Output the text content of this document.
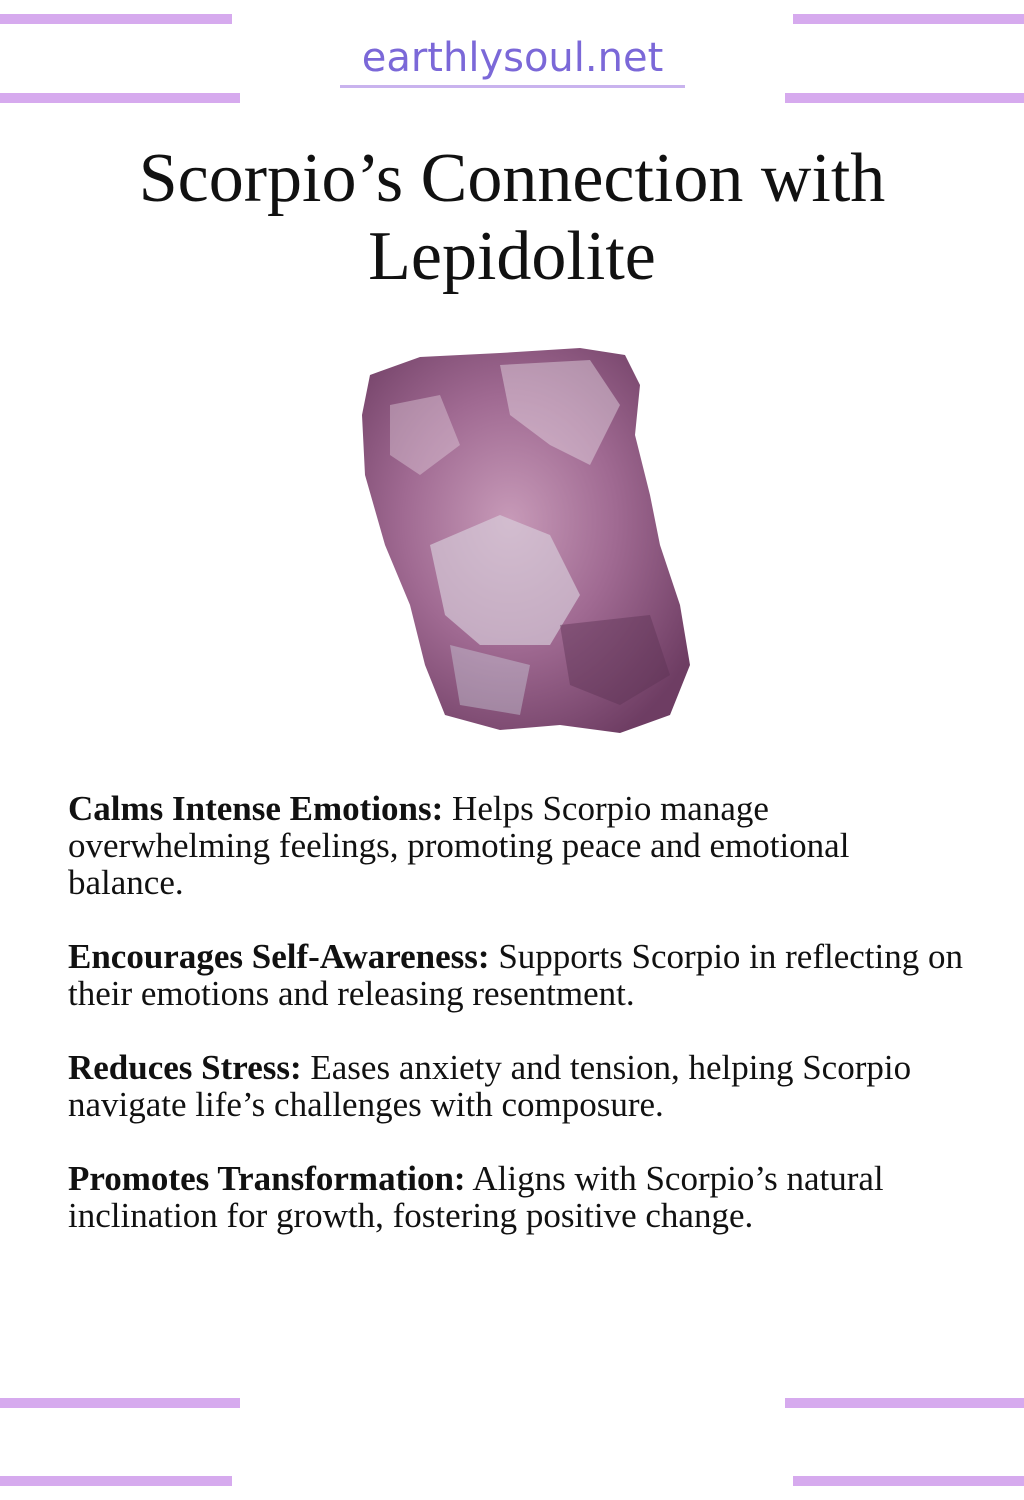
earthlysoul.net
Scorpio’s Connection with Lepidolite

Calms Intense Emotions: Helps Scorpio manage overwhelming feelings, promoting peace and emotional balance.

Encourages Self-Awareness: Supports Scorpio in reflecting on their emotions and releasing resentment.

Reduces Stress: Eases anxiety and tension, helping Scorpio navigate life’s challenges with composure.

Promotes Transformation: Aligns with Scorpio’s natural inclination for growth, fostering positive change.
